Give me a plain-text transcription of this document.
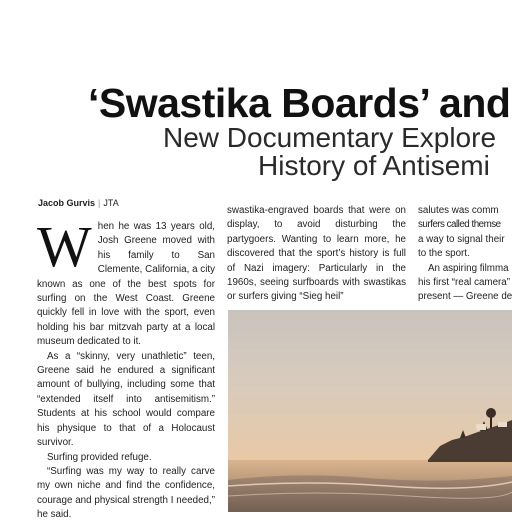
‘Swastika Boards’ and
New Documentary Explore
History of Antisemi
Jacob Gurvis | JTA
W hen he was 13 years old, Josh Greene moved with his family to San Clemente, California, a city known as one of the best spots for surfing on the West Coast. Greene quickly fell in love with the sport, even holding his bar mitzvah party at a local museum dedicated to it.

As a “skinny, very unathletic” teen, Greene said he endured a significant amount of bullying, including some that “extended itself into antisemitism.” Students at his school would compare his physique to that of a Holocaust survivor.

Surfing provided refuge.

“Surfing was my way to really carve my own niche and find the confidence, courage and physical strength I needed,” he said.

swastika-engraved boards that were on display, to avoid disturbing the partygoers. Wanting to learn more, he discovered that the sport’s history is full of Nazi imagery: Particularly in the 1960s, seeing surfboards with swastikas or surfers giving “Sieg heil”

salutes was comm
surfers called themse
a way to signal their
to the sport.
An aspiring filmma
his first “real camera”
present — Greene de
